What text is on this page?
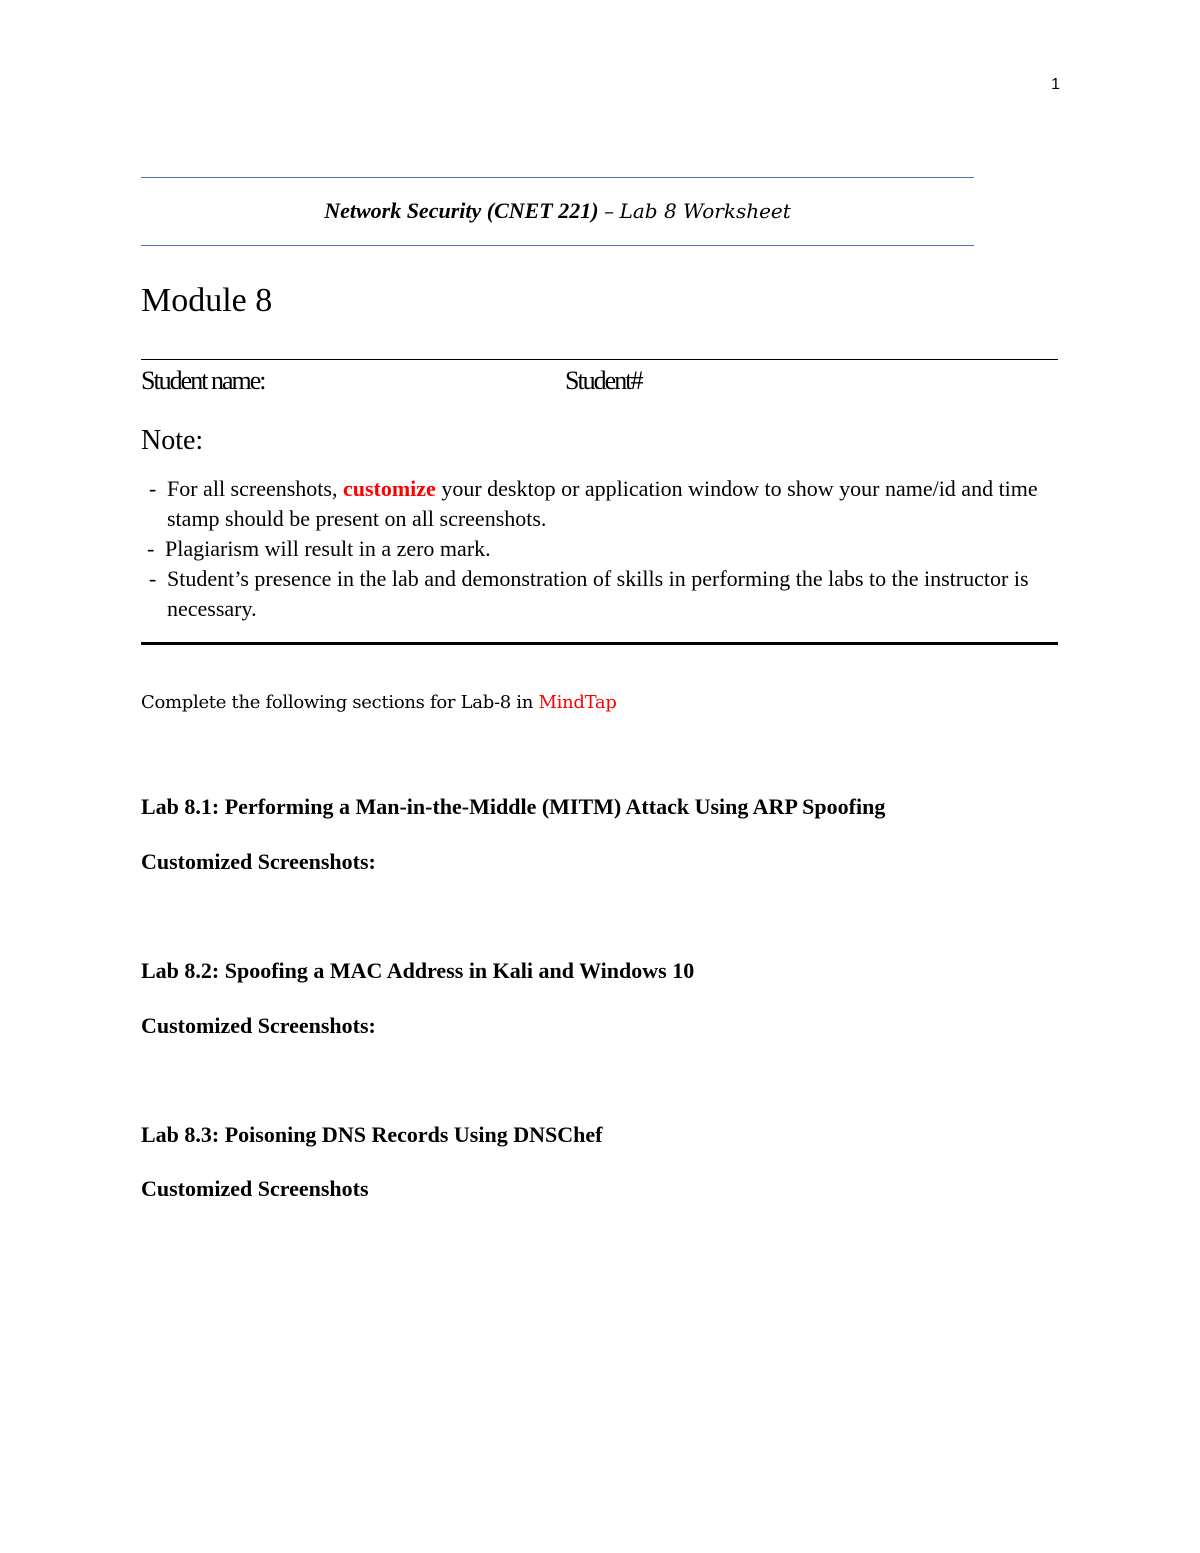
1
Network Security (CNET 221) – Lab 8 Worksheet
Module 8
Student name:	Student#
Note:
- For all screenshots, customize your desktop or application window to show your name/id and time stamp should be present on all screenshots.
- Plagiarism will result in a zero mark.
- Student’s presence in the lab and demonstration of skills in performing the labs to the instructor is necessary.
Complete the following sections for Lab-8 in MindTap
Lab 8.1: Performing a Man-in-the-Middle (MITM) Attack Using ARP Spoofing
Customized Screenshots:
Lab 8.2: Spoofing a MAC Address in Kali and Windows 10
Customized Screenshots:
Lab 8.3: Poisoning DNS Records Using DNSChef
Customized Screenshots
